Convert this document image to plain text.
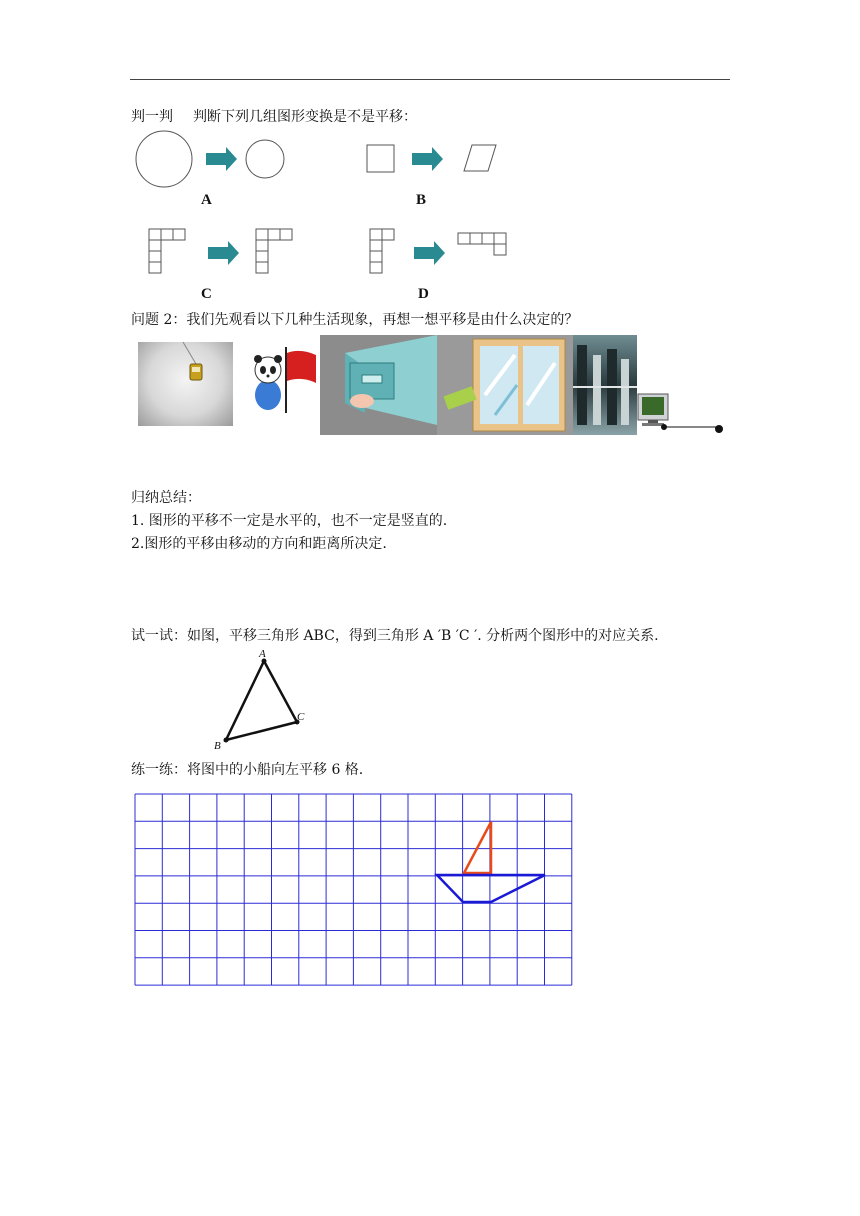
判一判 判断下列几组图形变换是不是平移：
A	B
C	D
问题 2：我们先观看以下几种生活现象，再想一想平移是由什么决定的？
归纳总结：
1. 图形的平移不一定是水平的，也不一定是竖直的.
2.图形的平移由移动的方向和距离所决定.
试一试：如图，平移三角形 ABC，得到三角形 A ′B ′C ′. 分析两个图形中的对应关系.
A
B
C
练一练：将图中的小船向左平移 6 格.
